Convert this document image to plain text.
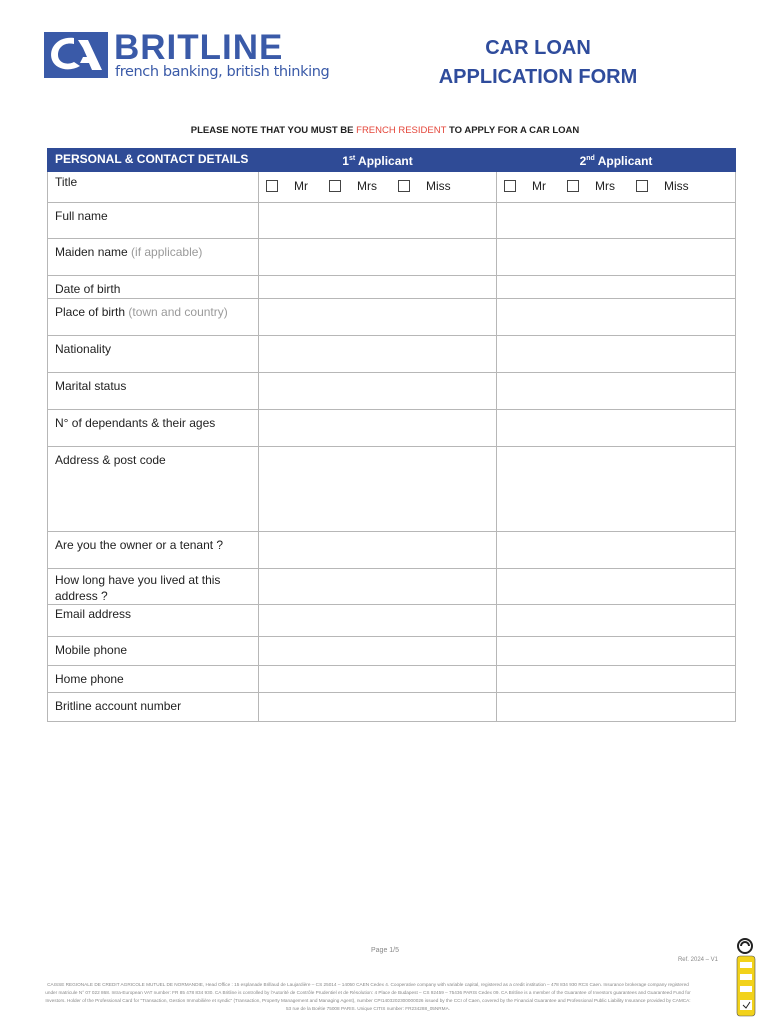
BRITLINE
french banking, british thinking
CAR LOAN
APPLICATION FORM
PLEASE NOTE THAT YOU MUST BE FRENCH RESIDENT TO APPLY FOR A CAR LOAN
PERSONAL & CONTACT DETAILS	1st Applicant	2nd Applicant
Title	Mr Mrs Miss	Mr Mrs Miss

Full name		
Maiden name (if applicable)		
Date of birth		
Place of birth (town and country)		
Nationality		
Marital status		
N° of dependants & their ages		
Address & post code		
Are you the owner or a tenant ?		
How long have you lived at this address ?		
Email address		
Mobile phone		
Home phone		
Britline account number		
Page 1/5
Ref. 2024 – V1
CAISSE REGIONALE DE CREDIT AGRICOLE MUTUEL DE NORMANDIE, Head Office : 15 esplanade Brillaud de Laujardière – CS 25014 – 14050 CAEN Cedex 4. Cooperative company with variable capital, registered as a credit institution – 478 834 930 RCS Caen. Insurance brokerage company registered under matricule N° 07 022 868. Intra-European VAT number: FR 85 478 834 930. CA Britline is controlled by l'Autorité de Contrôle Prudentiel et de Résolution: 4 Place de Budapest – CS 92459 – 75436 PARIS Cedex 09. CA Britline is a member of the Guarantee of Investors guarantees and Guaranteed Fund for Investors. Holder of the Professional Card for "Transaction, Gestion Immobilière et syndic" (Transaction, Property Management and Managing Agent), number CPI1403202300000026 issued by the CCI of Caen, covered by the Financial Guarantee and Professional Public Liability Insurance provided by CAMCA: 53 rue de la Boétie 75008 PARIS. Unique CITIS number: FR234288_05NRMA.
